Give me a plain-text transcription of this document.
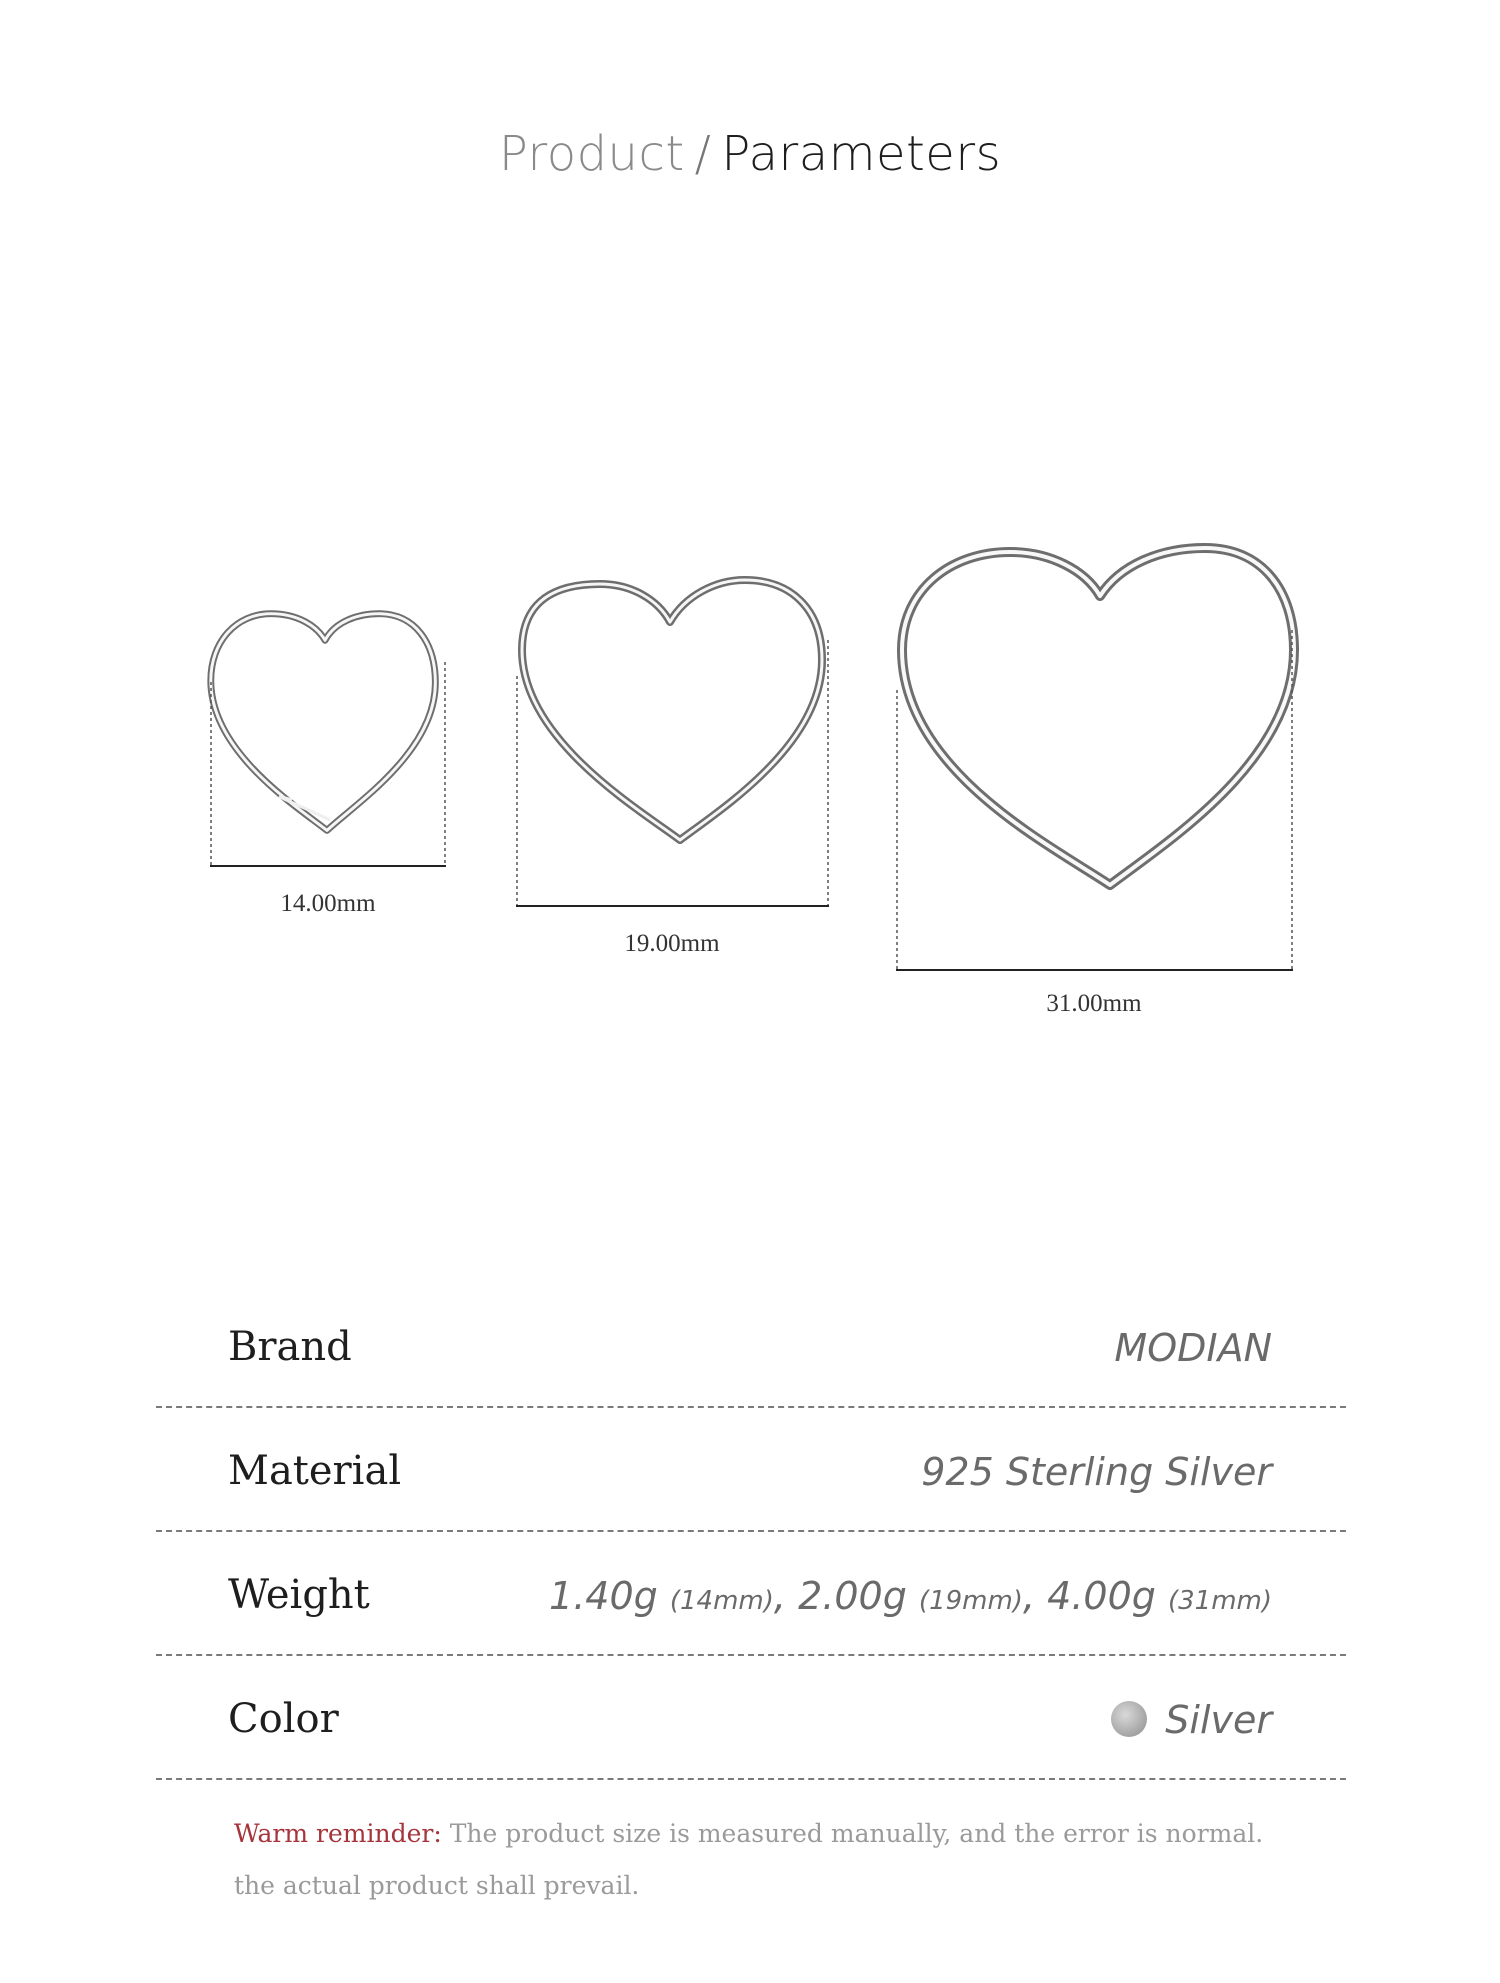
Product / Parameters
14.00mm
19.00mm
31.00mm
Brand	MODIAN
Material	925 Sterling Silver
Weight	1.40g (14mm), 2.00g (19mm), 4.00g (31mm)
Color	Silver
Warm reminder: The product size is measured manually, and the error is normal.
the actual product shall prevail.
